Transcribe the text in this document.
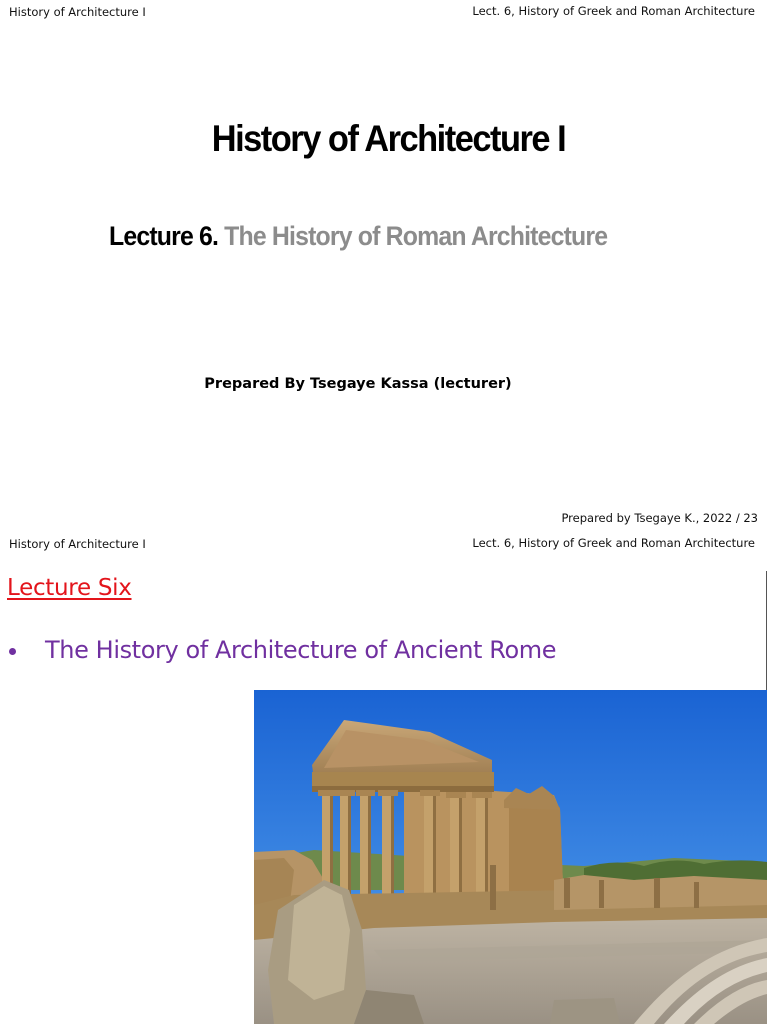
History of Architecture I	Lect. 6, History of Greek and Roman Architecture
History of Architecture I
Lecture 6. The History of Roman Architecture
Prepared By Tsegaye Kassa (lecturer)
Prepared by Tsegaye K., 2022 / 23
History of Architecture I	Lect. 6, History of Greek and Roman Architecture
Lecture Six
The History of Architecture of Ancient Rome
